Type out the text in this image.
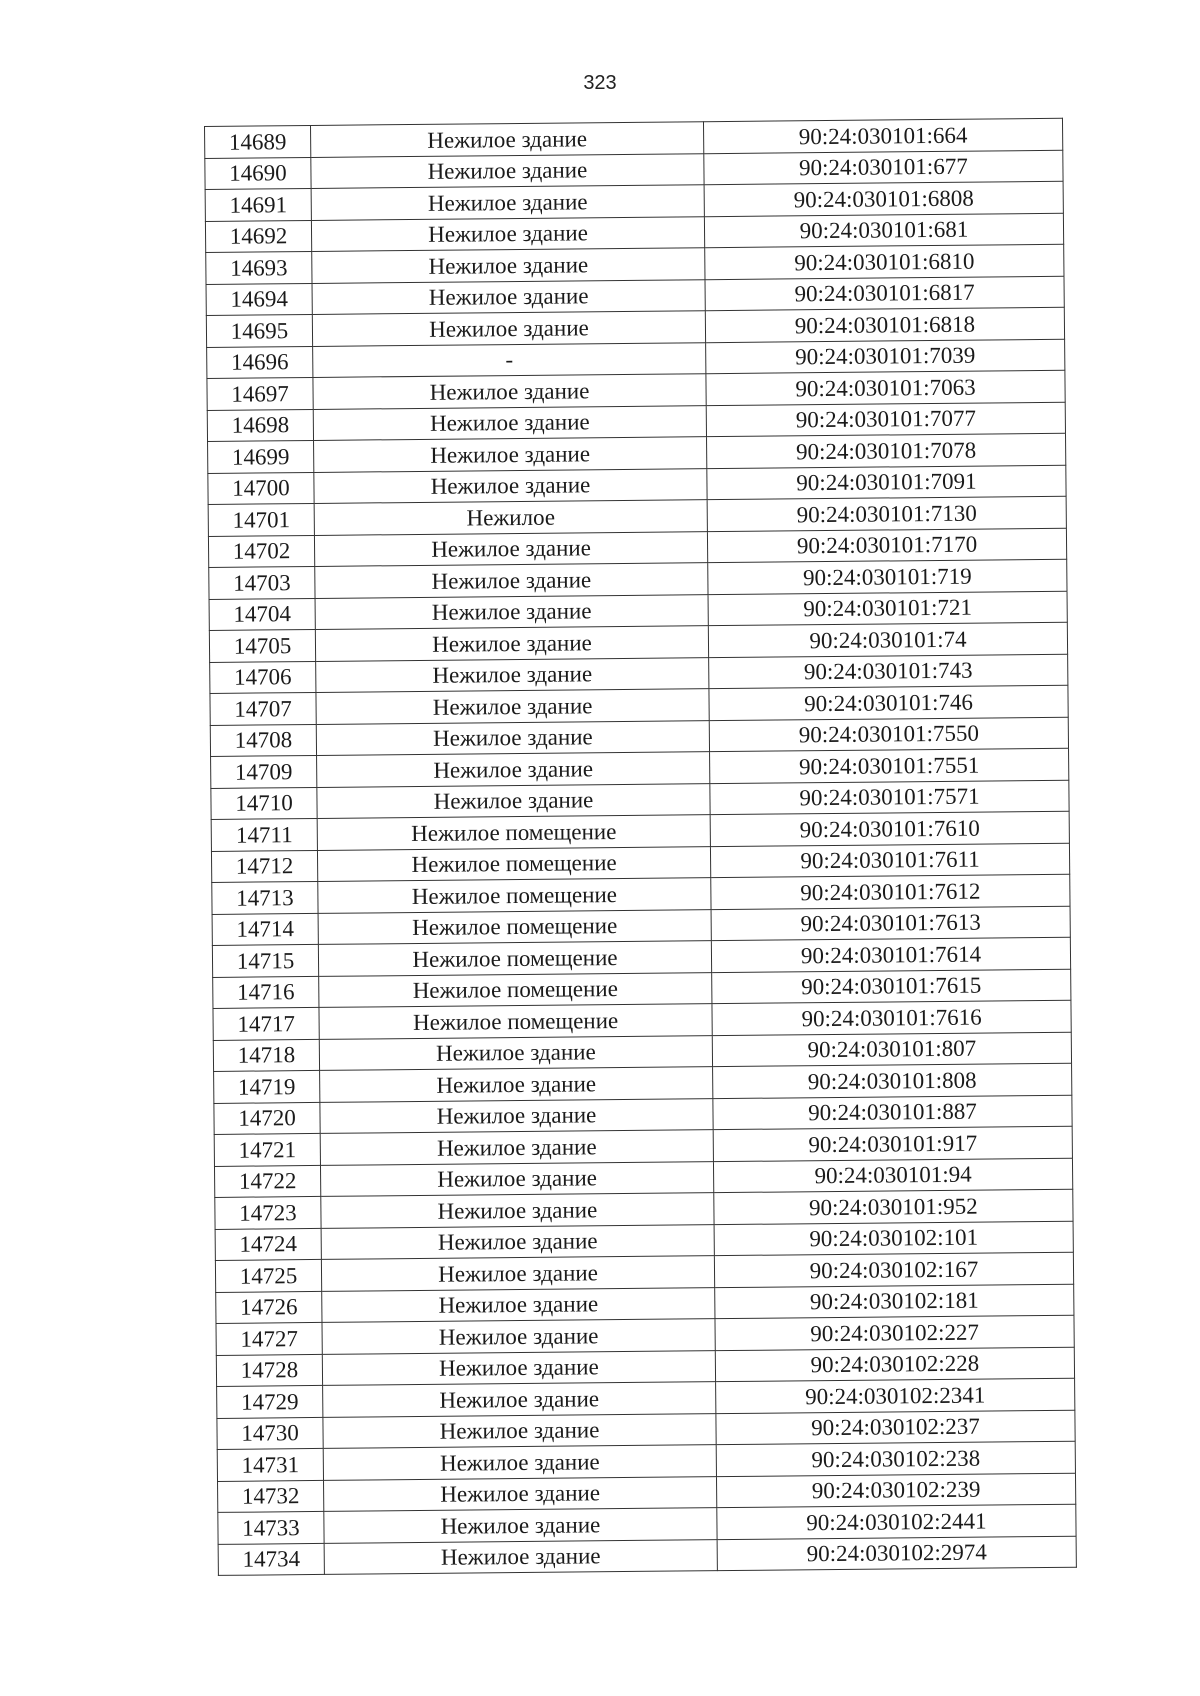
323
14689	Нежилое здание	90:24:030101:664
14690	Нежилое здание	90:24:030101:677
14691	Нежилое здание	90:24:030101:6808
14692	Нежилое здание	90:24:030101:681
14693	Нежилое здание	90:24:030101:6810
14694	Нежилое здание	90:24:030101:6817
14695	Нежилое здание	90:24:030101:6818
14696	-	90:24:030101:7039
14697	Нежилое здание	90:24:030101:7063
14698	Нежилое здание	90:24:030101:7077
14699	Нежилое здание	90:24:030101:7078
14700	Нежилое здание	90:24:030101:7091
14701	Нежилое	90:24:030101:7130
14702	Нежилое здание	90:24:030101:7170
14703	Нежилое здание	90:24:030101:719
14704	Нежилое здание	90:24:030101:721
14705	Нежилое здание	90:24:030101:74
14706	Нежилое здание	90:24:030101:743
14707	Нежилое здание	90:24:030101:746
14708	Нежилое здание	90:24:030101:7550
14709	Нежилое здание	90:24:030101:7551
14710	Нежилое здание	90:24:030101:7571
14711	Нежилое помещение	90:24:030101:7610
14712	Нежилое помещение	90:24:030101:7611
14713	Нежилое помещение	90:24:030101:7612
14714	Нежилое помещение	90:24:030101:7613
14715	Нежилое помещение	90:24:030101:7614
14716	Нежилое помещение	90:24:030101:7615
14717	Нежилое помещение	90:24:030101:7616
14718	Нежилое здание	90:24:030101:807
14719	Нежилое здание	90:24:030101:808
14720	Нежилое здание	90:24:030101:887
14721	Нежилое здание	90:24:030101:917
14722	Нежилое здание	90:24:030101:94
14723	Нежилое здание	90:24:030101:952
14724	Нежилое здание	90:24:030102:101
14725	Нежилое здание	90:24:030102:167
14726	Нежилое здание	90:24:030102:181
14727	Нежилое здание	90:24:030102:227
14728	Нежилое здание	90:24:030102:228
14729	Нежилое здание	90:24:030102:2341
14730	Нежилое здание	90:24:030102:237
14731	Нежилое здание	90:24:030102:238
14732	Нежилое здание	90:24:030102:239
14733	Нежилое здание	90:24:030102:2441
14734	Нежилое здание	90:24:030102:2974
